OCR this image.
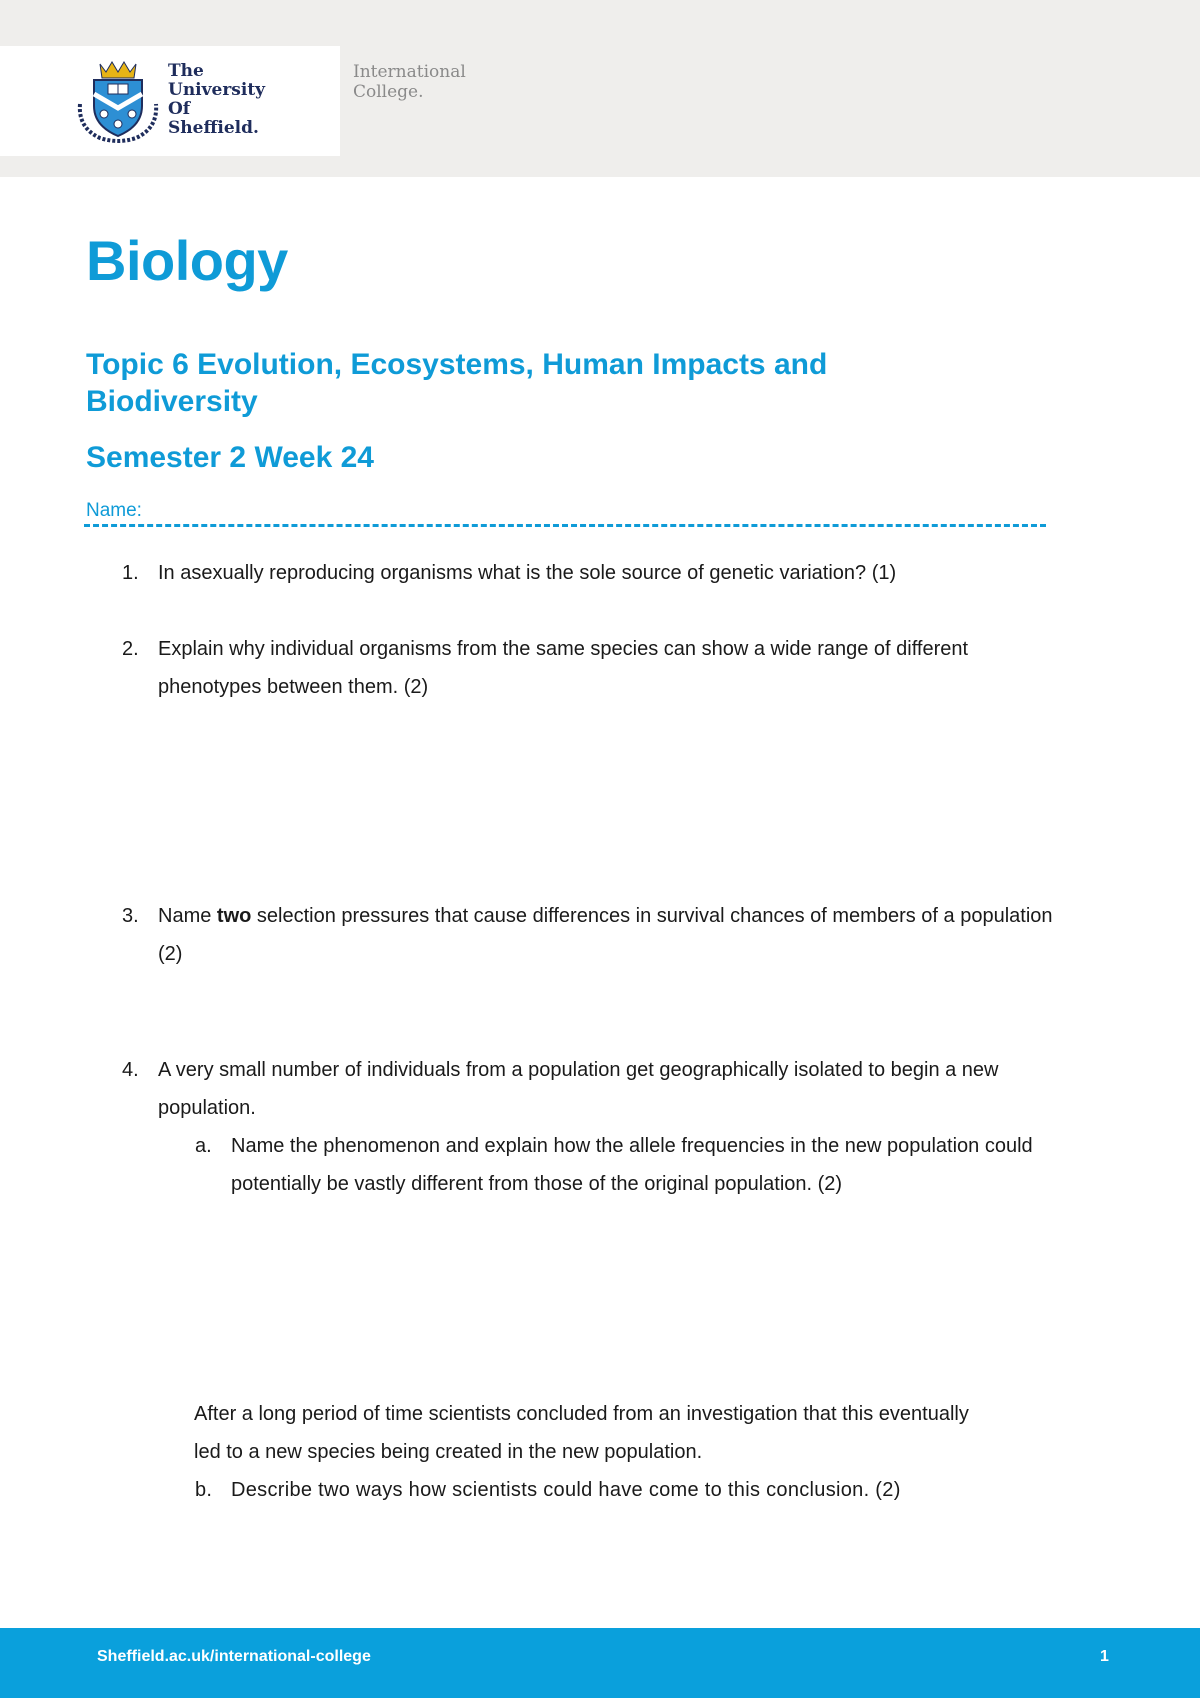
The
University
Of
Sheffield.
International
College.
Biology
Topic 6 Evolution, Ecosystems, Human Impacts and Biodiversity
Semester 2 Week 24
Name:
1. In asexually reproducing organisms what is the sole source of genetic variation? (1)
2. Explain why individual organisms from the same species can show a wide range of different phenotypes between them. (2)
3. Name two selection pressures that cause differences in survival chances of members of a population (2)
4. A very small number of individuals from a population get geographically isolated to begin a new population.
a. Name the phenomenon and explain how the allele frequencies in the new population could potentially be vastly different from those of the original population. (2)
After a long period of time scientists concluded from an investigation that this eventually led to a new species being created in the new population.
b. Describe two ways how scientists could have come to this conclusion. (2)
Sheffield.ac.uk/international-college	1
